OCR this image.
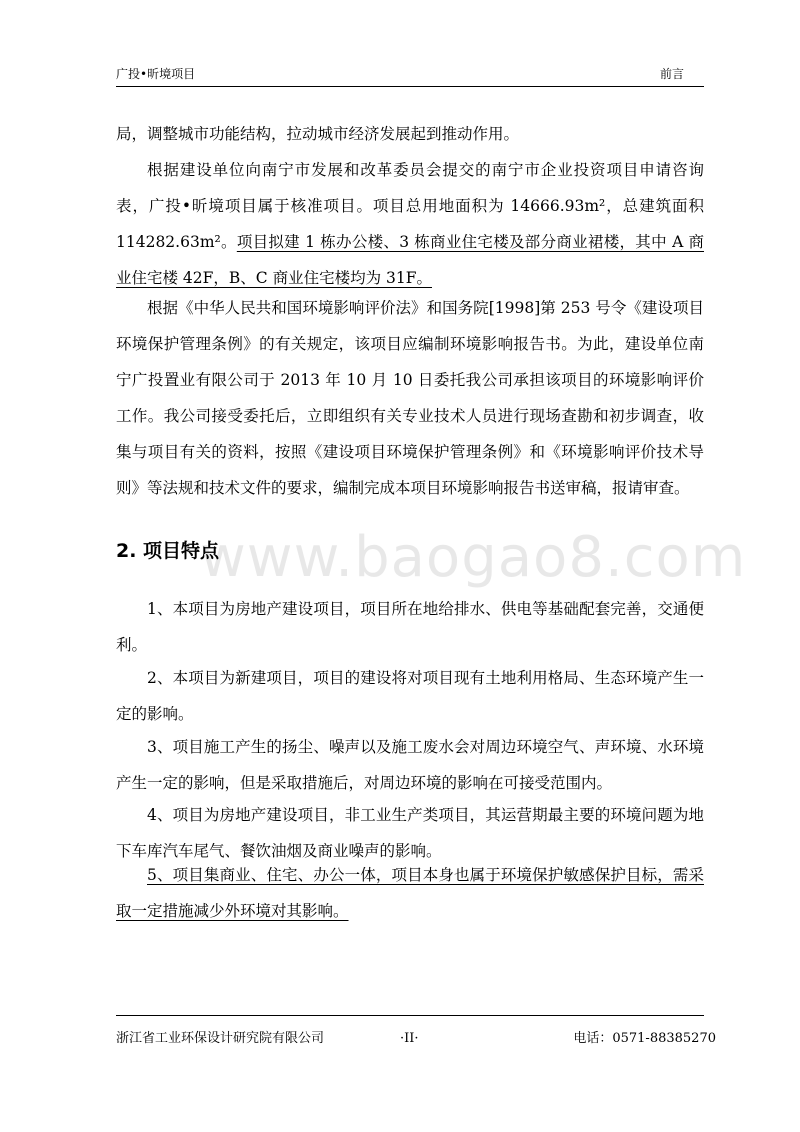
广投•昕境项目	前言

局，调整城市功能结构，拉动城市经济发展起到推动作用。

根据建设单位向南宁市发展和改革委员会提交的南宁市企业投资项目申请咨询表，广投•昕境项目属于核准项目。项目总用地面积为 14666.93m²，总建筑面积 114282.63m²。项目拟建 1 栋办公楼、3 栋商业住宅楼及部分商业裙楼，其中 A 商业住宅楼 42F，B、C 商业住宅楼均为 31F。

根据《中华人民共和国环境影响评价法》和国务院[1998]第 253 号令《建设项目环境保护管理条例》的有关规定，该项目应编制环境影响报告书。为此，建设单位南宁广投置业有限公司于 2013 年 10 月 10 日委托我公司承担该项目的环境影响评价工作。我公司接受委托后，立即组织有关专业技术人员进行现场查勘和初步调查，收集与项目有关的资料，按照《建设项目环境保护管理条例》和《环境影响评价技术导则》等法规和技术文件的要求，编制完成本项目环境影响报告书送审稿，报请审查。

www.baogao8.com
2. 项目特点

1、本项目为房地产建设项目，项目所在地给排水、供电等基础配套完善，交通便利。

2、本项目为新建项目，项目的建设将对项目现有土地利用格局、生态环境产生一定的影响。

3、项目施工产生的扬尘、噪声以及施工废水会对周边环境空气、声环境、水环境产生一定的影响，但是采取措施后，对周边环境的影响在可接受范围内。

4、项目为房地产建设项目，非工业生产类项目，其运营期最主要的环境问题为地下车库汽车尾气、餐饮油烟及商业噪声的影响。

5、项目集商业、住宅、办公一体，项目本身也属于环境保护敏感保护目标，需采取一定措施减少外环境对其影响。

浙江省工业环保设计研究院有限公司	·II·	电话：0571-88385270
